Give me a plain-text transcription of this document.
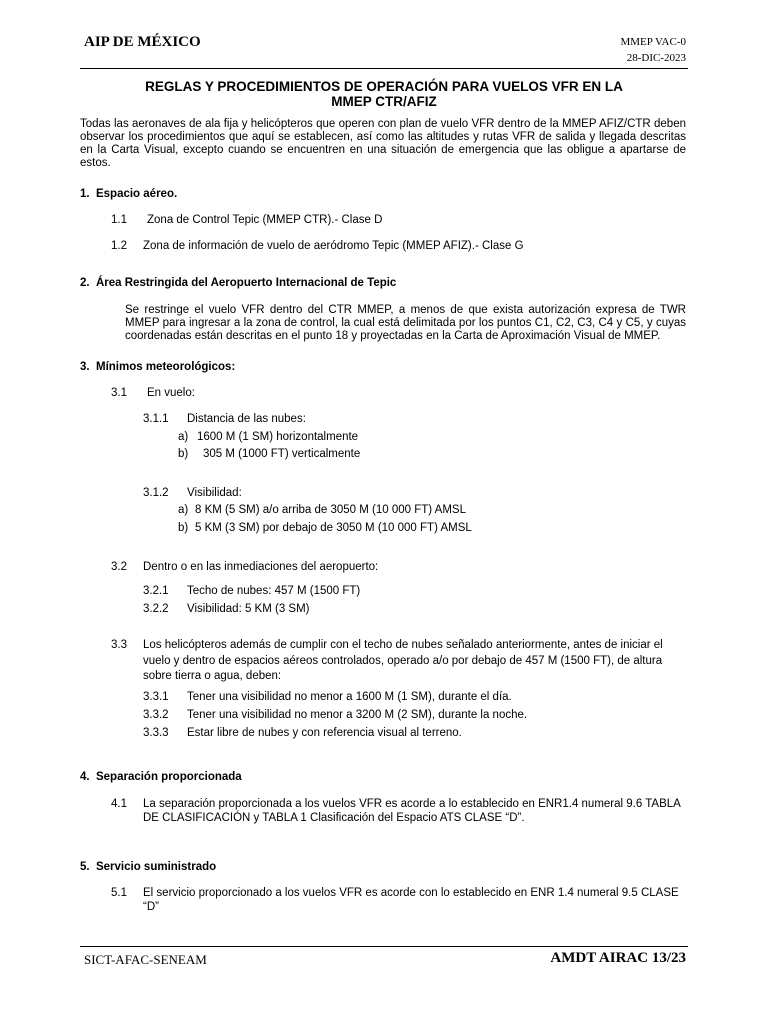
AIP DE MÉXICO	MMEP VAC-0
28-DIC-2023
REGLAS Y PROCEDIMIENTOS DE OPERACIÓN PARA VUELOS VFR EN LA
MMEP CTR/AFIZ
Todas las aeronaves de ala fija y helicópteros que operen con plan de vuelo VFR dentro de la MMEP AFIZ/CTR deben observar los procedimientos que aquí se establecen, así como las altitudes y rutas VFR de salida y llegada descritas en la Carta Visual, excepto cuando se encuentren en una situación de emergencia que las obligue a apartarse de estos.
1. Espacio aéreo.
1.1 Zona de Control Tepic (MMEP CTR).- Clase D
1.2 Zona de información de vuelo de aeródromo Tepic (MMEP AFIZ).- Clase G
2. Área Restringida del Aeropuerto Internacional de Tepic
Se restringe el vuelo VFR dentro del CTR MMEP, a menos de que exista autorización expresa de TWR MMEP para ingresar a la zona de control, la cual está delimitada por los puntos C1, C2, C3, C4 y C5, y cuyas coordenadas están descritas en el punto 18 y proyectadas en la Carta de Aproximación Visual de MMEP.
3. Mínimos meteorológicos:
3.1 En vuelo:
3.1.1 Distancia de las nubes:
a) 1600 M (1 SM) horizontalmente
b) 305 M (1000 FT) verticalmente
3.1.2 Visibilidad:
a) 8 KM (5 SM) a/o arriba de 3050 M (10 000 FT) AMSL
b) 5 KM (3 SM) por debajo de 3050 M (10 000 FT) AMSL
3.2 Dentro o en las inmediaciones del aeropuerto:
3.2.1 Techo de nubes: 457 M (1500 FT)
3.2.2 Visibilidad: 5 KM (3 SM)
3.3 Los helicópteros además de cumplir con el techo de nubes señalado anteriormente, antes de iniciar el vuelo y dentro de espacios aéreos controlados, operado a/o por debajo de 457 M (1500 FT), de altura sobre tierra o agua, deben:
3.3.1 Tener una visibilidad no menor a 1600 M (1 SM), durante el día.
3.3.2 Tener una visibilidad no menor a 3200 M (2 SM), durante la noche.
3.3.3 Estar libre de nubes y con referencia visual al terreno.
4. Separación proporcionada
4.1 La separación proporcionada a los vuelos VFR es acorde a lo establecido en ENR1.4 numeral 9.6 TABLA DE CLASIFICACIÓN y TABLA 1 Clasificación del Espacio ATS CLASE “D”.
5. Servicio suministrado
5.1 El servicio proporcionado a los vuelos VFR es acorde con lo establecido en ENR 1.4 numeral 9.5 CLASE “D”
SICT-AFAC-SENEAM	AMDT AIRAC 13/23
